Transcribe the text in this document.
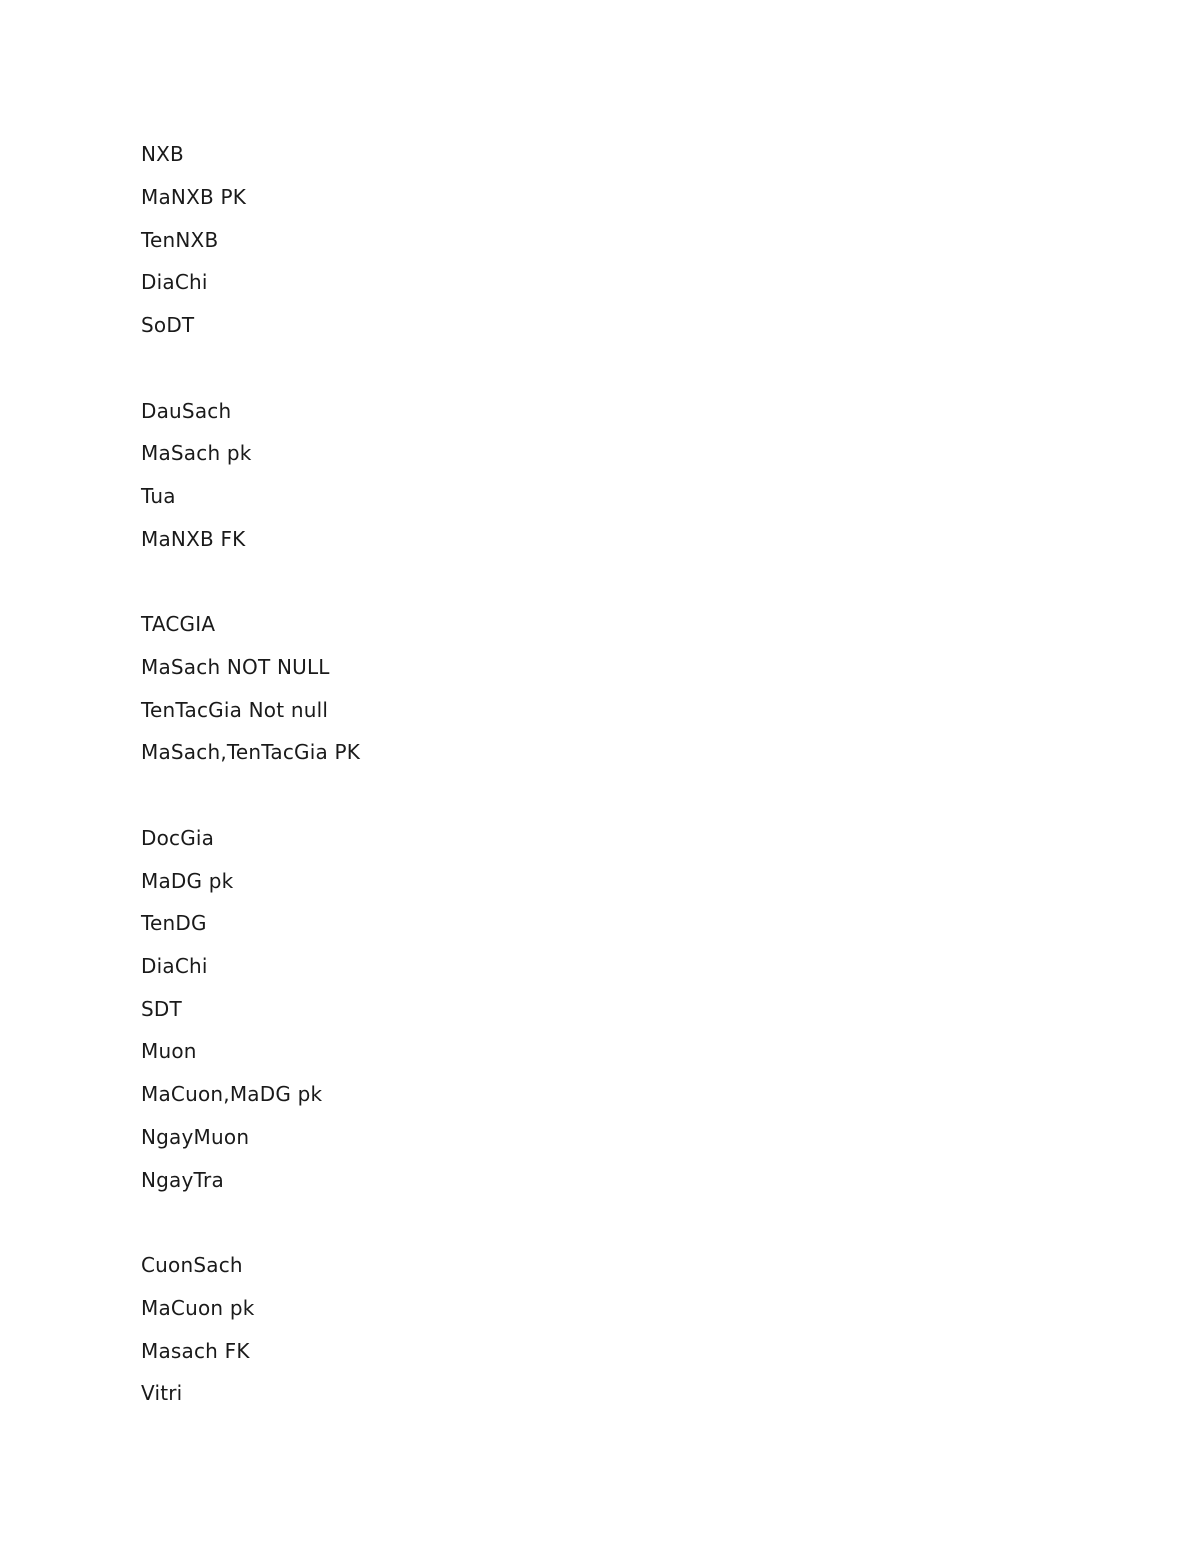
NXB
MaNXB PK
TenNXB
DiaChi
SoDT
DauSach
MaSach pk
Tua
MaNXB FK
TACGIA
MaSach NOT NULL
TenTacGia Not null
MaSach,TenTacGia PK
DocGia
MaDG pk
TenDG
DiaChi
SDT
Muon
MaCuon,MaDG pk
NgayMuon
NgayTra
CuonSach
MaCuon pk
Masach FK
Vitri
